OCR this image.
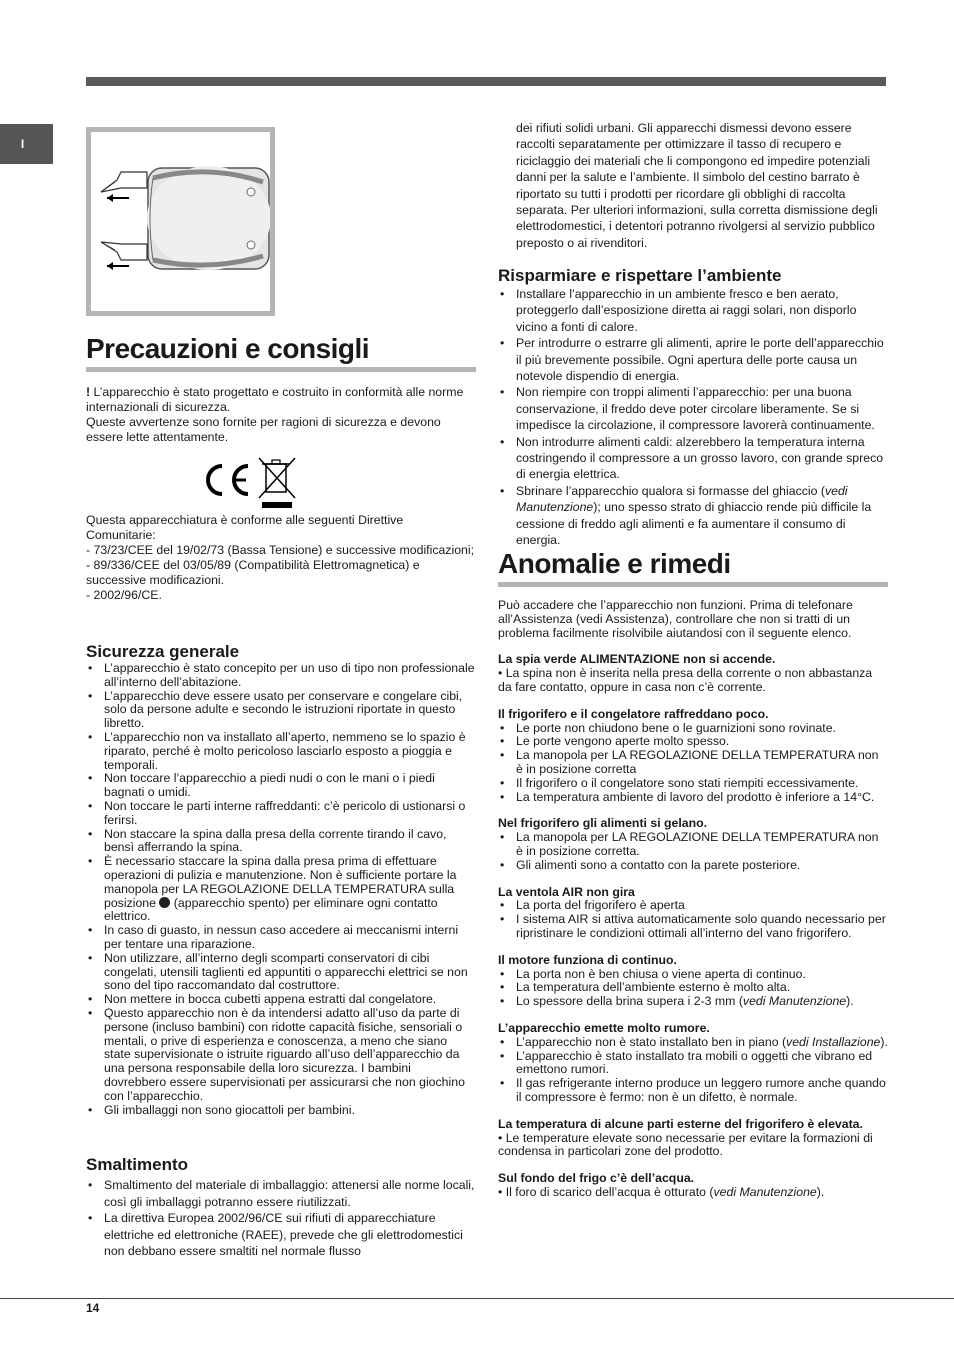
I
Precauzioni e consigli

! L’apparecchio è stato progettato e costruito in conformità alle norme internazionali di sicurezza.

Queste avvertenze sono fornite per ragioni di sicurezza e devono essere lette attentamente.

Questa apparecchiatura è conforme alle seguenti Direttive Comunitarie:

- 73/23/CEE del 19/02/73 (Bassa Tensione) e successive modificazioni;

- 89/336/CEE del 03/05/89 (Compatibilità Elettromagnetica) e successive modificazioni.

- 2002/96/CE.

Sicurezza generale
• L’apparecchio è stato concepito per un uso di tipo non professionale all’interno dell’abitazione.
• L’apparecchio deve essere usato per conservare e congelare cibi, solo da persone adulte e secondo le istruzioni riportate in questo libretto.
• L’apparecchio non va installato all’aperto, nemmeno se lo spazio è riparato, perché è molto pericoloso lasciarlo esposto a pioggia e temporali.
• Non toccare l’apparecchio a piedi nudi o con le mani o i piedi bagnati o umidi.
• Non toccare le parti interne raffreddanti: c’è pericolo di ustionarsi o ferirsi.
• Non staccare la spina dalla presa della corrente tirando il cavo, bensì afferrando la spina.
• È necessario staccare la spina dalla presa prima di effettuare operazioni di pulizia e manutenzione. Non è sufficiente portare la manopola per LA REGOLAZIONE DELLA TEMPERATURA sulla posizione  (apparecchio spento) per eliminare ogni contatto elettrico.
• In caso di guasto, in nessun caso accedere ai meccanismi interni per tentare una riparazione.
• Non utilizzare, all’interno degli scomparti conservatori di cibi congelati, utensili taglienti ed appuntiti o apparecchi elettrici se non sono del tipo raccomandato dal costruttore.
• Non mettere in bocca cubetti appena estratti dal congelatore.
• Questo apparecchio non è da intendersi adatto all’uso da parte di persone (incluso bambini) con ridotte capacità fisiche, sensoriali o mentali, o prive di esperienza e conoscenza, a meno che siano state supervisionate o istruite riguardo all’uso dell’apparecchio da una persona responsabile della loro sicurezza. I bambini dovrebbero essere supervisionati per assicurarsi che non giochino con l’apparecchio.
• Gli imballaggi non sono giocattoli per bambini.
Smaltimento
• Smaltimento del materiale di imballaggio: attenersi alle norme locali, così gli imballaggi potranno essere riutilizzati.
• La direttiva Europea 2002/96/CE sui rifiuti di apparecchiature elettriche ed elettroniche (RAEE), prevede che gli elettrodomestici non debbano essere smaltiti nel normale flusso

dei rifiuti solidi urbani. Gli apparecchi dismessi devono essere raccolti separatamente per ottimizzare il tasso di recupero e riciclaggio dei materiali che li compongono ed impedire potenziali danni per la salute e l’ambiente. Il simbolo del cestino barrato è riportato su tutti i prodotti per ricordare gli obblighi di raccolta separata. Per ulteriori informazioni, sulla corretta dismissione degli elettrodomestici, i detentori potranno rivolgersi al servizio pubblico preposto o ai rivenditori.

Risparmiare e rispettare l’ambiente
• Installare l’apparecchio in un ambiente fresco e ben aerato, proteggerlo dall’esposizione diretta ai raggi solari, non disporlo vicino a fonti di calore.
• Per introdurre o estrarre gli alimenti, aprire le porte dell’apparecchio il più brevemente possibile. Ogni apertura delle porte causa un notevole dispendio di energia.
• Non riempire con troppi alimenti l’apparecchio: per una buona conservazione, il freddo deve poter circolare liberamente. Se si impedisce la circolazione, il compressore lavorerà continuamente.
• Non introdurre alimenti caldi: alzerebbero la temperatura interna costringendo il compressore a un grosso lavoro, con grande spreco di energia elettrica.
• Sbrinare l’apparecchio qualora si formasse del ghiaccio (vedi Manutenzione); uno spesso strato di ghiaccio rende più difficile la cessione di freddo agli alimenti e fa aumentare il consumo di energia.
Anomalie e rimedi

Può accadere che l’apparecchio non funzioni. Prima di telefonare all’Assistenza (vedi Assistenza), controllare che non si tratti di un problema facilmente risolvibile aiutandosi con il seguente elenco.

La spia verde ALIMENTAZIONE non si accende.

• La spina non è inserita nella presa della corrente o non abbastanza da fare contatto, oppure in casa non c’è corrente.

Il frigorifero e il congelatore raffreddano poco.

• Le porte non chiudono bene o le guarnizioni sono rovinate.
• Le porte vengono aperte molto spesso.
• La manopola per LA REGOLAZIONE DELLA TEMPERATURA non è in posizione corretta
• Il frigorifero o il congelatore sono stati riempiti eccessivamente.
• La temperatura ambiente di lavoro del prodotto è inferiore a 14°C.

Nel frigorifero gli alimenti si gelano.

• La manopola per LA REGOLAZIONE DELLA TEMPERATURA non è in posizione corretta.
• Gli alimenti sono a contatto con la parete posteriore.

La ventola AIR non gira

• La porta del frigorifero è aperta
• I sistema AIR si attiva automaticamente solo quando necessario per ripristinare le condizioni ottimali all’interno del vano frigorifero.

Il motore funziona di continuo.

• La porta non è ben chiusa o viene aperta di continuo.
• La temperatura dell’ambiente esterno è molto alta.
• Lo spessore della brina supera i 2-3 mm (vedi Manutenzione).

L’apparecchio emette molto rumore.

• L’apparecchio non è stato installato ben in piano (vedi Installazione).
• L’apparecchio è stato installato tra mobili o oggetti che vibrano ed emettono rumori.
• Il gas refrigerante interno produce un leggero rumore anche quando il compressore è fermo: non è un difetto, è normale.

La temperatura di alcune parti esterne del frigorifero è elevata.

• Le temperature elevate sono necessarie per evitare la formazioni di condensa in particolari zone del prodotto.

Sul fondo del frigo c’è dell’acqua.

• Il foro di scarico dell’acqua è otturato (vedi Manutenzione).

14
